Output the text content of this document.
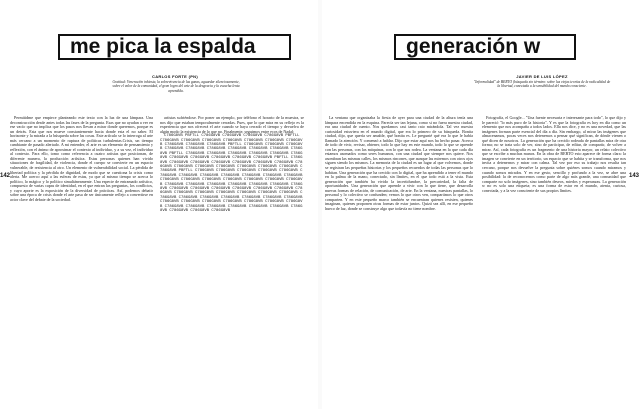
me pica la espalda
CARLOS FORTE (PN)
Gratitud: Veneración inhiesta, la sobrevivencia de las ganas, aguardar silenciosamente, sobre el valor de la comunidad, el gran logro del arte de la desgracia y la escucha lenta aprendida.
142

Permitidme que empiece planteando este texto con la luz de una lámpara. Una deconstrucción desde antes todas las fases de la pregunta. Esas que no ayudan a ver en ese vacío que no implica que los pasos nos llevan a mirar donde queremos, porque es un detrás. Esta que nos mueve constantemente hacia donde esta el no saber. El horizonte y la mirada a la búsqueda sobre las cosas. Este artículo se lo interroga al arte más cercano a un momento de ruptura de politicas turbulentas.Crisis, un tiempo cambiante de pasado alertado. A mi entender, el arte es un elemento de pensamiento y reflexión, con el ánimo de aproximar el contexto al individuo, y a su vez, el individuo al contexto. Para ello, tomo como referencia a cuatro artistas que posicionan, de diferente manera, la producción artística. Estas personas quienes han vivido situaciones de fragilidad, de violencia, donde el cuerpo se convierte en un espacio vulnerable, de resistencia al otro. Un elemento de vulnerabilidad social. La pérdida de libertad política y la pérdida de dignidad, de modo que se cuestiona la crisis como alerta. Me acerco aquí a las esferas de estas, ya que al mismo tiempo se acerca lo político, lo mágico y lo político simultáneamente. Una especie de entramado artístico, compuesto de varias capas de identidad, en el que entran las preguntas, los conflictos, y cuyo aporte es la exposición de la diversidad de prácticas. Así, podemos debatir sobre una época de crisis donde el arte pasa de ser únicamente reflejo a convertirse en actor clave del debate de la sociedad.

artistas sufriéndose. Por poner un ejemplo, por teléfono el horario de la muestra, se nos dijo que estaban temporalmente cerradas. Pues, que lo que mira en su reflejo es la experiencia que nos ofrecerá el arte cuando se haya cerrado el tiempo y devuelva de algún modo la existencia de lo que no. Finalmente, seguimos entre ecos de Nadal:

C786G8VB PBFTLL C786G8VB C786G8VB C786G8VB C786G8VB PBFTLL C786G8VB C786G8VB C786G8VB C786G8VB C786G8VB C786G8VB C786G8VB C786G8VB C786G8VB C786G8VB PBFTLL C786G8VB C786G8VB C786G8VB C786G8VB C786G8VB C786G8VB C786G8VB C786G8VB C786G8VB C786G8VB PBFTLL C786G8VB C786G8VB C786G8VB C786G8VB C786G8VB C786G8VB C786G8VB C786G8VB C786G8VB C786G8VB C786G8VB PBFTLL C786G8VB C786G8VB C786G8VB C786G8VB C786G8VB C786G8VB C786G8VB C786G8VB C786G8VB C786G8VB C786G8VB C786G8VB C786G8VB C786G8VB C786G8VB PBFTLL C786G8VB C786G8VB C786G8VB C786G8VB C786G8VB C786G8VB C786G8VB C786G8VB C786G8VB C786G8VB C786G8VB C786G8VB C786G8VB C786G8VB C786G8VB C786G8VB C786G8VB C786G8VB C786G8VB C786G8VB C786G8VB C786G8VB C786G8VB C786G8VB C786G8VB C786G8VB C786G8VB C786G8VB C786G8VB C786G8VB C786G8VB C786G8VB C786G8VB C786G8VB C786G8VB C786G8VB C786G8VB C786G8VB C786G8VB C786G8VB C786G8VB C786G8VB C786G8VB C786G8VB C786G8VB C786G8VB C786G8VB C786G8VB C786G8VB C786G8VB C786G8VB C786G8VB C786G8VB C786G8VB C786G8VB C786G8VB C786G8VB C786G8VB C786G8VB C786G8VB C786G8VB C786G8VB C786G8VB

generación w
JAVIER DE LUIS LÓPEZ
"Informalidad" de BERTO (búsqueda sin término: sobre las viejas teorías de la radicalidad de la libertad, conectada a la sensibilidad del mundo consciente.
143

La ventana que organizaba la fiesta de ayer para una ciudad de la altura tenía una lámpara encendida en la esquina. Parecía ser tan lejana, como si no fuera nuestra ciudad, era una ciudad de cuento. Nos quedamos casi tanto rato mirándola. Tal vez nuestra curiosidad estuviera en el mundo digital, que era lo primero de su búsqueda. Bonita ciudad, dijo, que quería ser amable, qué bonita es. Le pregunté qué era lo que le había llamado la atención. Y comenzó a hablar. Dijo que estar aquí nos ha hecho pasar. Acerca de todo de vivir, revisar, obtener, todo lo que hay en este mundo, todo lo que se aprende con las personas, con las máquinas, con lo que nos rodea. La ventana en la que cada día estamos asomados como seres humanos, con una ciudad que siempre nos quiere. Nos asombran las mismas calles, los mismos rincones, que aunque las miremos con otros ojos siguen siendo los mismos. La memoria de la ciudad es un lugar al que volvemos, donde se registran las pequeñas historias y los pequeños recuerdos de todas las personas que lo habitan. Una generación que ha crecido con lo digital, que ha aprendido a tener el mundo en la palma de la mano, conectado, sin límites, en el que todo está a la vista. Esta generación que también ha vivido la incertidumbre, la precariedad, la falta de oportunidades. Una generación que aprende a vivir con lo que tiene, que desarrolla nuevas formas de relación, de comunicación, de arte. En la ventana, nuestras pantallas, lo personal y lo colectivo se confunden; vemos lo que otros ven, compartimos lo que otros comparten. Y en este pequeño marco también se encuentran quienes resisten, quienes imaginan, quienes proponen otras formas de estar juntos. Quizá sea allí, en ese pequeño hueco de luz, donde se construye algo que todavía no tiene nombre.

Fotografía, el Google... "Una fuente necesaria e interesante para todo", lo que dijo y le pareció "lo más puro de la historia". Y es que la fotografía es hoy en día como un elemento que nos acompaña a todos lados. Ella nos dice, y no es una novedad, que las imágenes forman parte esencial del día a día. Sin embargo, al mirar las imágenes que almacenamos, pocas veces nos detenemos a pensar qué significan, de dónde vienen o qué dicen de nosotros. La generación que ha crecido rodeada de pantallas mira de otra forma; no se trata solo de ver, sino de participar, de editar, de compartir, de volver a mirar. Así, cada fotografía es un fragmento de una historia mayor, un relato colectivo que se escribe a muchas manos. En la obra de BERTO esto aparece de forma clara: la imagen se convierte en un territorio, un espacio que se habita y se transforma, que nos invita a detenernos y mirar con calma. Tal vez por eso su trabajo nos resulta tan cercano, porque nos devuelve la pregunta sobre quiénes somos cuando miramos y cuando somos mirados. Y en ese gesto, sencillo y profundo a la vez, se abre una posibilidad: la de reconocernos como parte de algo más grande, una comunidad que comparte no solo imágenes, sino también deseos, miedos y esperanzas. La generación w no es solo una etiqueta; es una forma de estar en el mundo, atenta, curiosa, conectada, y a la vez consciente de sus propios límites.
